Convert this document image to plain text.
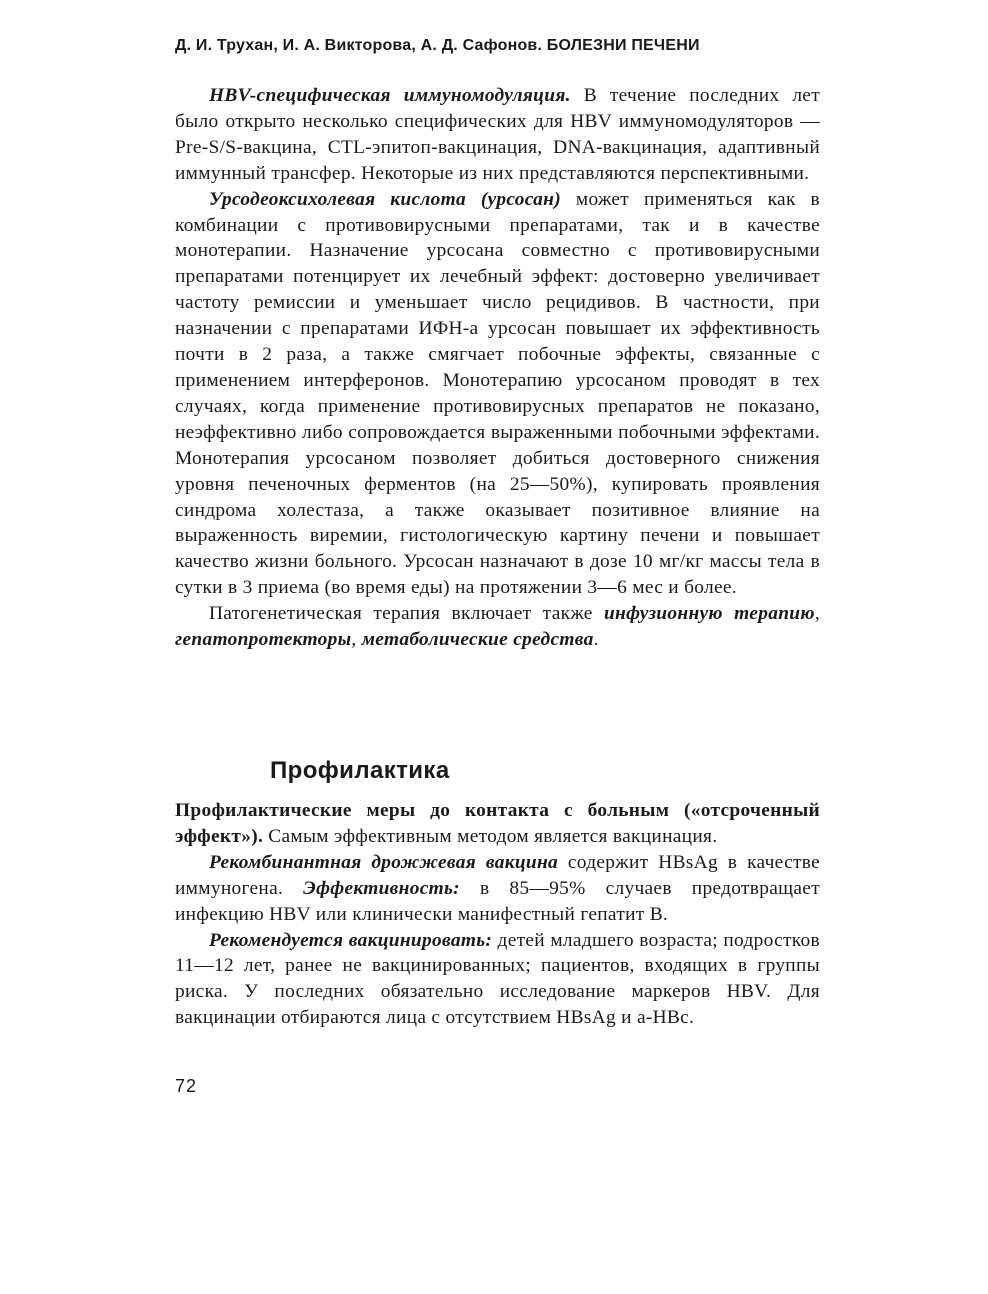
Д. И. Трухан, И. А. Викторова, А. Д. Сафонов. БОЛЕЗНИ ПЕЧЕНИ

HBV-специфическая иммуномодуляция. В течение последних лет было открыто несколько специфических для HBV иммуномодуляторов — Pre-S/S-вакцина, CTL-эпитоп-вакцинация, DNA-вакцинация, адаптивный иммунный трансфер. Некоторые из них представляются перспективными.

Урсодеоксихолевая кислота (урсосан) может применяться как в комбинации с противовирусными препаратами, так и в качестве монотерапии. Назначение урсосана совместно с противовирусными препаратами потенцирует их лечебный эффект: достоверно увеличивает частоту ремиссии и уменьшает число рецидивов. В частности, при назначении с препаратами ИФН-а урсосан повышает их эффективность почти в 2 раза, а также смягчает побочные эффекты, связанные с применением интерферонов. Монотерапию урсосаном проводят в тех случаях, когда применение противовирусных препаратов не показано, неэффективно либо сопровождается выраженными побочными эффектами. Монотерапия урсосаном позволяет добиться достоверного снижения уровня печеночных ферментов (на 25—50%), купировать проявления синдрома холестаза, а также оказывает позитивное влияние на выраженность виремии, гистологическую картину печени и повышает качество жизни больного. Урсосан назначают в дозе 10 мг/кг массы тела в сутки в 3 приема (во время еды) на протяжении 3—6 мес и более.

Патогенетическая терапия включает также инфузионную терапию, гепатопротекторы, метаболические средства.

Профилактика

Профилактические меры до контакта с больным («отсроченный эффект»). Самым эффективным методом является вакцинация.

Рекомбинантная дрожжевая вакцина содержит HBsAg в качестве иммуногена. Эффективность: в 85—95% случаев предотвращает инфекцию HBV или клинически манифестный гепатит В.

Рекомендуется вакцинировать: детей младшего возраста; подростков 11—12 лет, ранее не вакцинированных; пациентов, входящих в группы риска. У последних обязательно исследование маркеров HBV. Для вакцинации отбираются лица с отсутствием HBsAg и а-HBc.

72
